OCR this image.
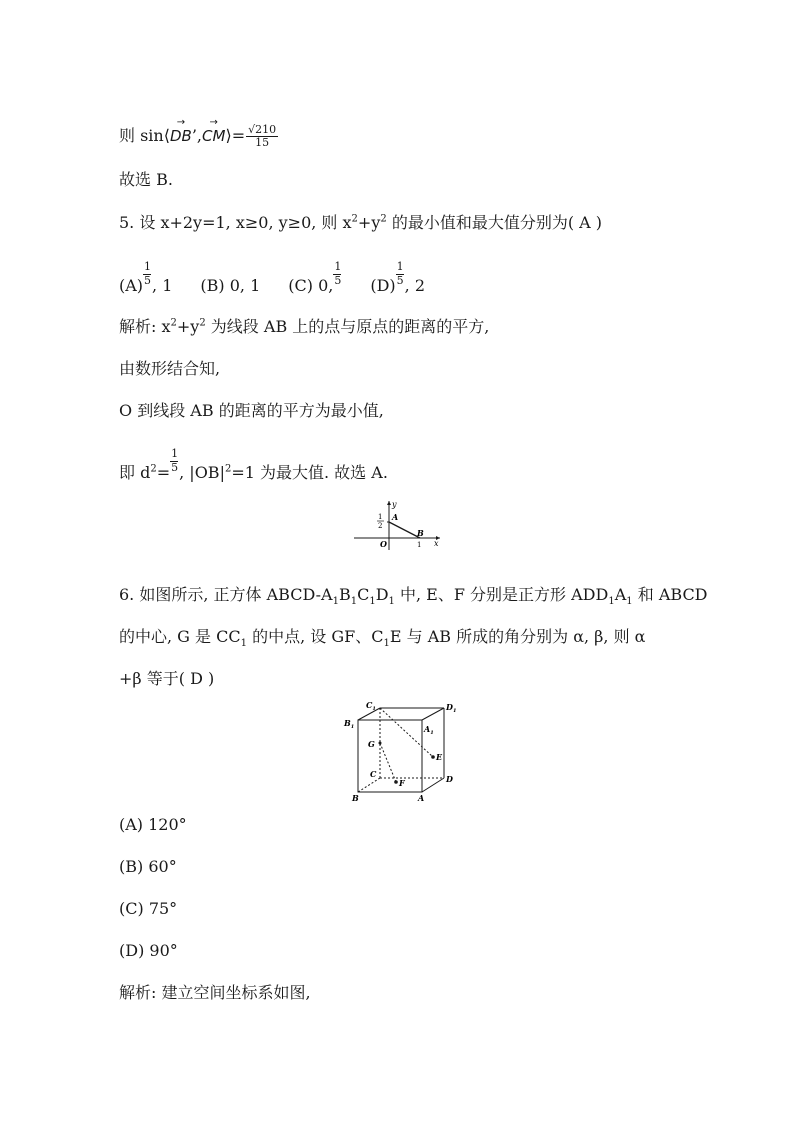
则 sin⟨
→
DB’,
→
CM⟩= $\frac{√210}{15}$
故选 B.
5. 设 x+2y=1, x≥0, y≥0, 则 $x^2+y^2$ 的最小值和最大值分别为( A )
$(A) \frac{1}{5}$ , 1 (B) 0, 1 (C) 0, $\frac{1}{5} (D) \frac{1}{5}$ , 2
解析: $x^2+y^2$ 为线段 AB 上的点与原点的距离的平方,
由数形结合知,
O 到线段 AB 的距离的平方为最小值,
即 $d^2= \frac{1}{5}$ , $|OB|^2=1$ 为最大值. 故选 A.
y
x
O
A
B
1
1
2
6. 如图所示, 正方体 ABCD-$A_1B_1C_1D_1$ 中, E、F 分别是正方形 $ADD_1A_1$ 和 ABCD
的中心, G 是 $CC_1$ 的中点, 设 GF、$C_1E$ 与 AB 所成的角分别为 α, β, 则 α
+β 等于( D )
$C_1$	$D_1$
$B_1$	$A_1$
G
E
C
F	D
B	A
(A) 120°
(B) 60°
(C) 75°
(D) 90°
解析: 建立空间坐标系如图,
